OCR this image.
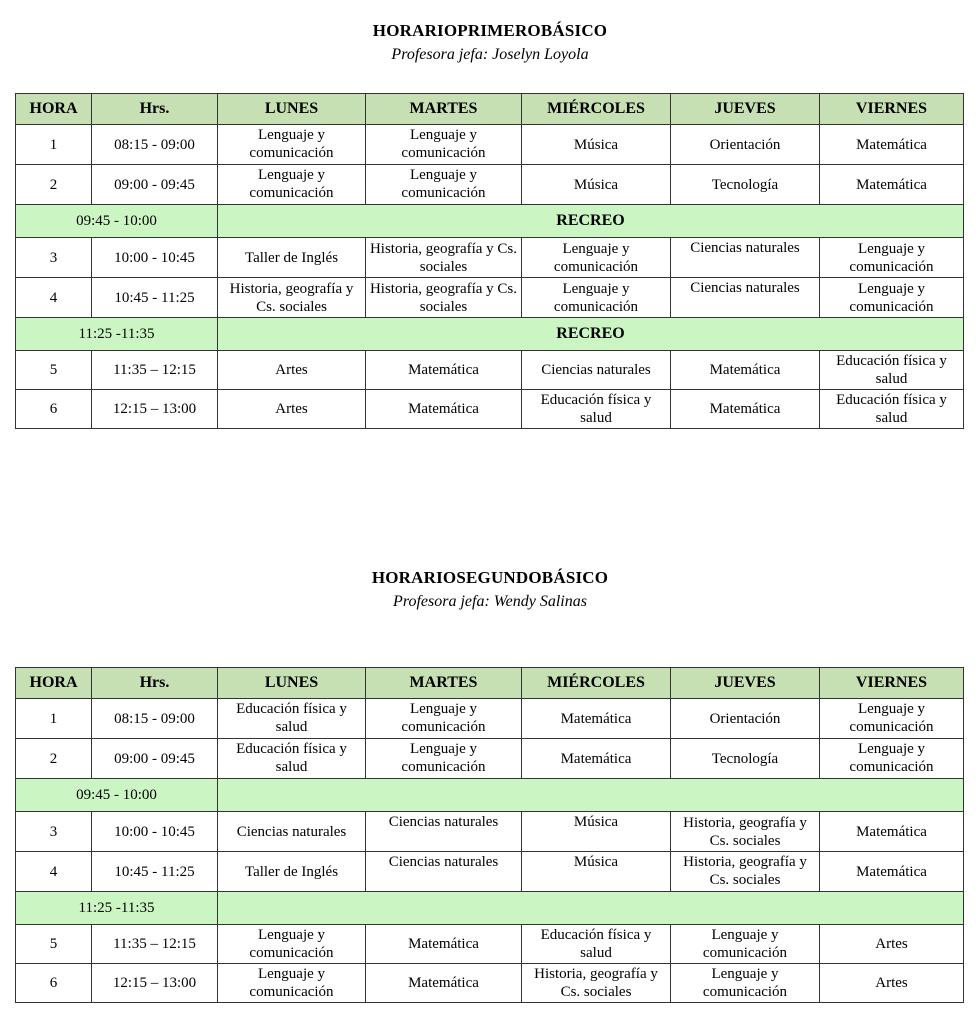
HORARIOPRIMEROBÁSICO
Profesora jefa: Joselyn Loyola
HORA	Hrs.	LUNES	MARTES	MIÉRCOLES	JUEVES	VIERNES
1	08:15 - 09:00	Lenguaje y comunicación	Lenguaje y comunicación	Música	Orientación	Matemática
2	09:00 - 09:45	Lenguaje y comunicación	Lenguaje y comunicación	Música	Tecnología	Matemática
09:45 - 10:00		RECREO				
3	10:00 - 10:45	Taller de Inglés	Historia, geografía y Cs. sociales	Lenguaje y comunicación	Ciencias naturales	Lenguaje y comunicación
4	10:45 - 11:25	Historia, geografía y Cs. sociales	Historia, geografía y Cs. sociales	Lenguaje y comunicación	Ciencias naturales	Lenguaje y comunicación
11:25 -11:35		RECREO				
5	11:35 – 12:15	Artes	Matemática	Ciencias naturales	Matemática	Educación física y salud
6	12:15 – 13:00	Artes	Matemática	Educación física y salud	Matemática	Educación física y salud
HORARIOSEGUNDOBÁSICO
Profesora jefa: Wendy Salinas
HORA	Hrs.	LUNES	MARTES	MIÉRCOLES	JUEVES	VIERNES
1	08:15 - 09:00	Educación física y salud	Lenguaje y comunicación	Matemática	Orientación	Lenguaje y comunicación
2	09:00 - 09:45	Educación física y salud	Lenguaje y comunicación	Matemática	Tecnología	Lenguaje y comunicación
09:45 - 10:00						
3	10:00 - 10:45	Ciencias naturales	Ciencias naturales	Música	Historia, geografía y Cs. sociales	Matemática
4	10:45 - 11:25	Taller de Inglés	Ciencias naturales	Música	Historia, geografía y Cs. sociales	Matemática
11:25 -11:35						
5	11:35 – 12:15	Lenguaje y comunicación	Matemática	Educación física y salud	Lenguaje y comunicación	Artes
6	12:15 – 13:00	Lenguaje y comunicación	Matemática	Historia, geografía y Cs. sociales	Lenguaje y comunicación	Artes
